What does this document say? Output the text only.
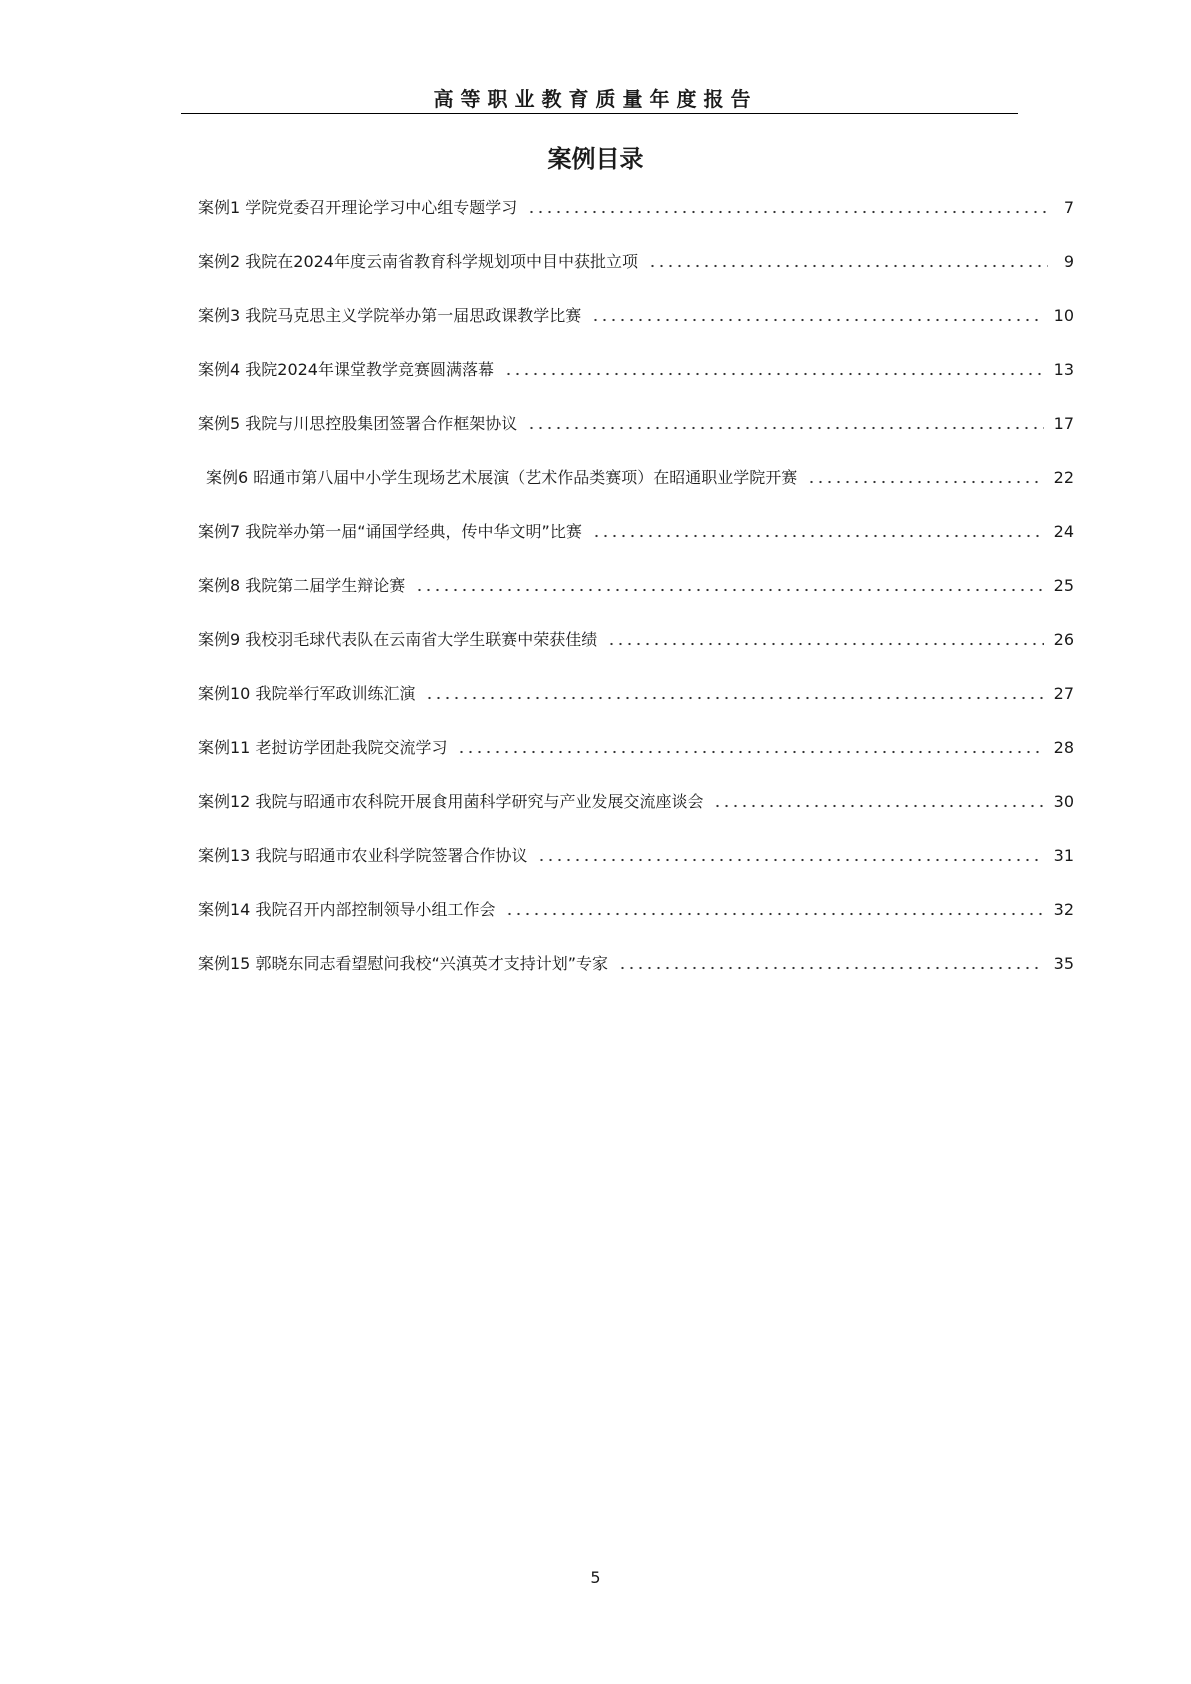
高等职业教育质量年度报告
案例目录
案例1 学院党委召开理论学习中心组专题学习	7
案例2 我院在2024年度云南省教育科学规划项中目中获批立项	9
案例3 我院马克思主义学院举办第一届思政课教学比赛	10
案例4 我院2024年课堂教学竞赛圆满落幕	13
案例5 我院与川思控股集团签署合作框架协议	17
案例6 昭通市第八届中小学生现场艺术展演（艺术作品类赛项）在昭通职业学院开赛	22
案例7 我院举办第一届“诵国学经典，传中华文明”比赛	24
案例8 我院第二届学生辩论赛	25
案例9 我校羽毛球代表队在云南省大学生联赛中荣获佳绩	26
案例10 我院举行军政训练汇演	27
案例11 老挝访学团赴我院交流学习	28
案例12 我院与昭通市农科院开展食用菌科学研究与产业发展交流座谈会	30
案例13 我院与昭通市农业科学院签署合作协议	31
案例14 我院召开内部控制领导小组工作会	32
案例15 郭晓东同志看望慰问我校“兴滇英才支持计划”专家	35
5
